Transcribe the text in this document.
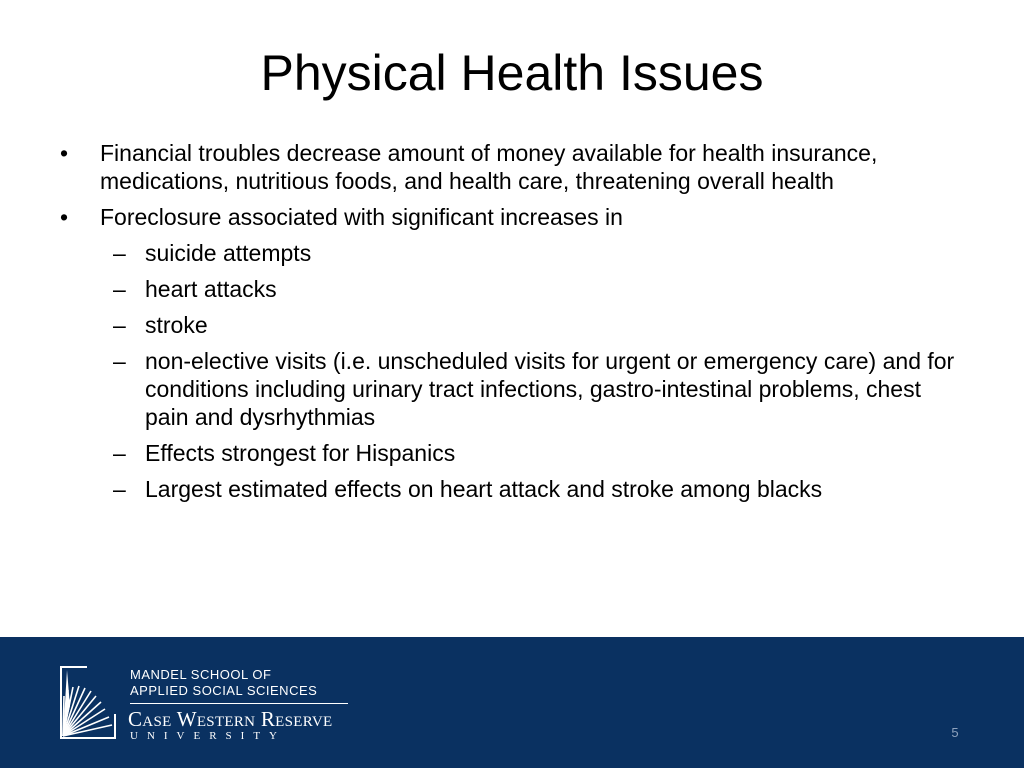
Physical Health Issues
•	Financial troubles decrease amount of money available for health insurance, medications, nutritious foods, and health care, threatening overall health
•	Foreclosure associated with significant increases in
– suicide attempts
– heart attacks
– stroke
– non-elective visits (i.e. unscheduled visits for urgent or emergency care) and for conditions including urinary tract infections, gastro-intestinal problems, chest pain and dysrhythmias
– Effects strongest for Hispanics
– Largest estimated effects on heart attack and stroke among blacks
MANDEL SCHOOL OF
APPLIED SOCIAL SCIENCES
Case Western Reserve
UNIVERSITY	5
